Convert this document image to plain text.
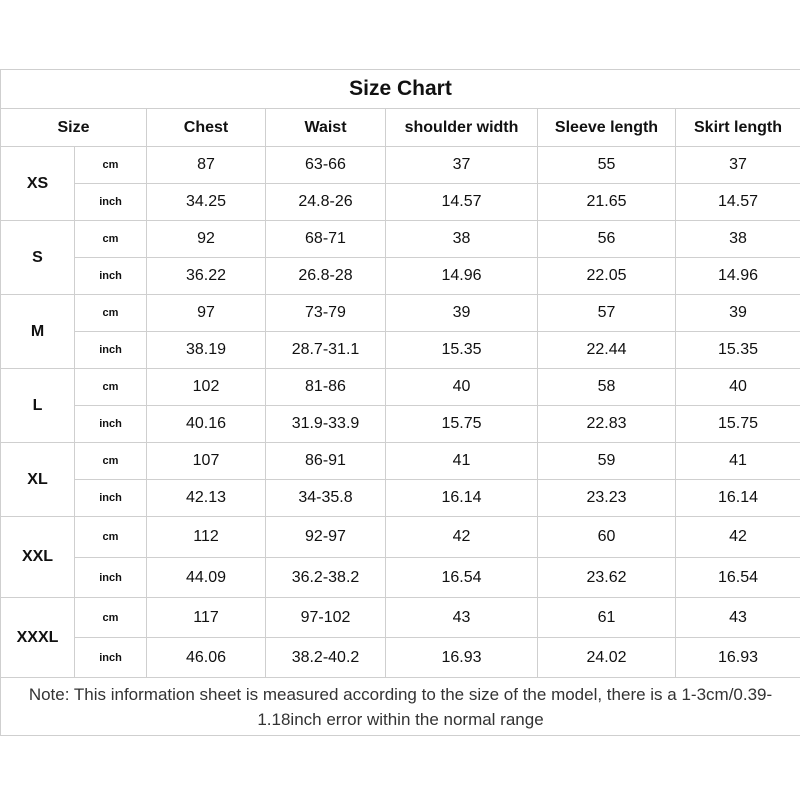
Size Chart						
Size		Chest	Waist	shoulder width	Sleeve length	Skirt length
XS	cm	87	63-66	37	55	37
	inch	34.25	24.8-26	14.57	21.65	14.57
S	cm	92	68-71	38	56	38
	inch	36.22	26.8-28	14.96	22.05	14.96
M	cm	97	73-79	39	57	39
	inch	38.19	28.7-31.1	15.35	22.44	15.35
L	cm	102	81-86	40	58	40
	inch	40.16	31.9-33.9	15.75	22.83	15.75
XL	cm	107	86-91	41	59	41
	inch	42.13	34-35.8	16.14	23.23	16.14
XXL	cm	112	92-97	42	60	42
	inch	44.09	36.2-38.2	16.54	23.62	16.54
XXXL	cm	117	97-102	43	61	43
	inch	46.06	38.2-40.2	16.93	24.02	16.93
Note: This information sheet is measured according to the size of the model, there is a 1-3cm/0.39-1.18inch error within the normal range						
